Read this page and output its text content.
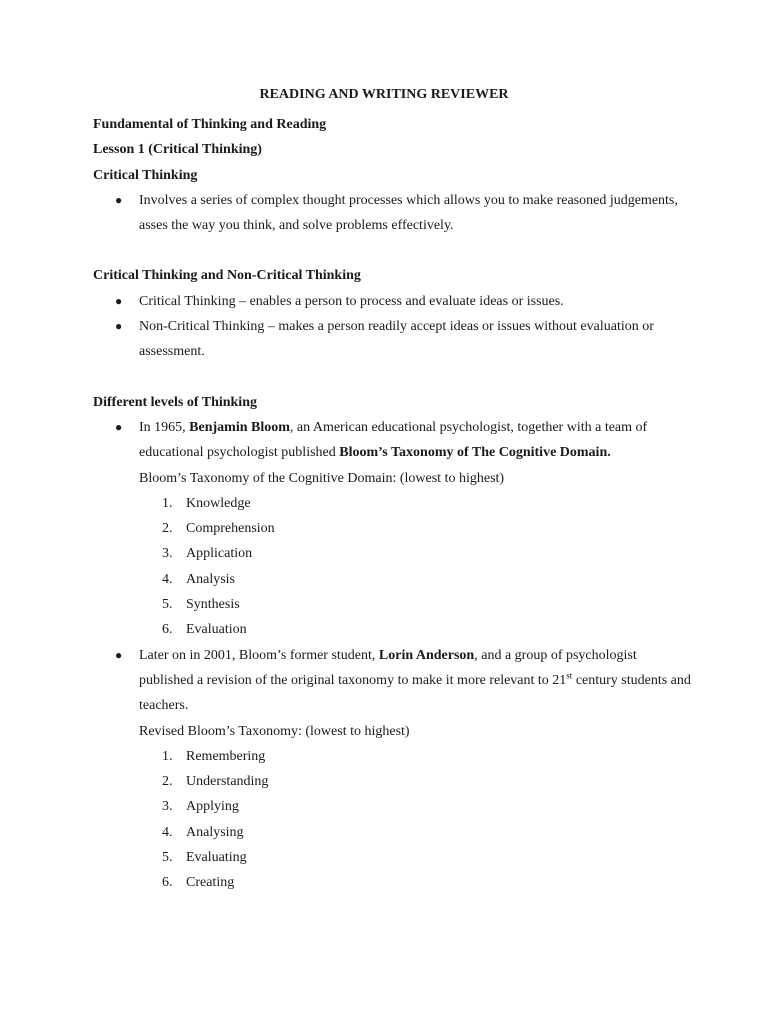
READING AND WRITING REVIEWER
Fundamental of Thinking and Reading
Lesson 1 (Critical Thinking)
Critical Thinking
● Involves a series of complex thought processes which allows you to make reasoned judgements, asses the way you think, and solve problems effectively.
Critical Thinking and Non-Critical Thinking
● Critical Thinking – enables a person to process and evaluate ideas or issues.
● Non-Critical Thinking – makes a person readily accept ideas or issues without evaluation or assessment.
Different levels of Thinking
● In 1965, Benjamin Bloom, an American educational psychologist, together with a team of educational psychologist published Bloom’s Taxonomy of The Cognitive Domain.
Bloom’s Taxonomy of the Cognitive Domain: (lowest to highest)
1. Knowledge
2. Comprehension
3. Application
4. Analysis
5. Synthesis
6. Evaluation
● Later on in 2001, Bloom’s former student, Lorin Anderson, and a group of psychologist published a revision of the original taxonomy to make it more relevant to 21st century students and teachers.
Revised Bloom’s Taxonomy: (lowest to highest)
1. Remembering
2. Understanding
3. Applying
4. Analysing
5. Evaluating
6. Creating
